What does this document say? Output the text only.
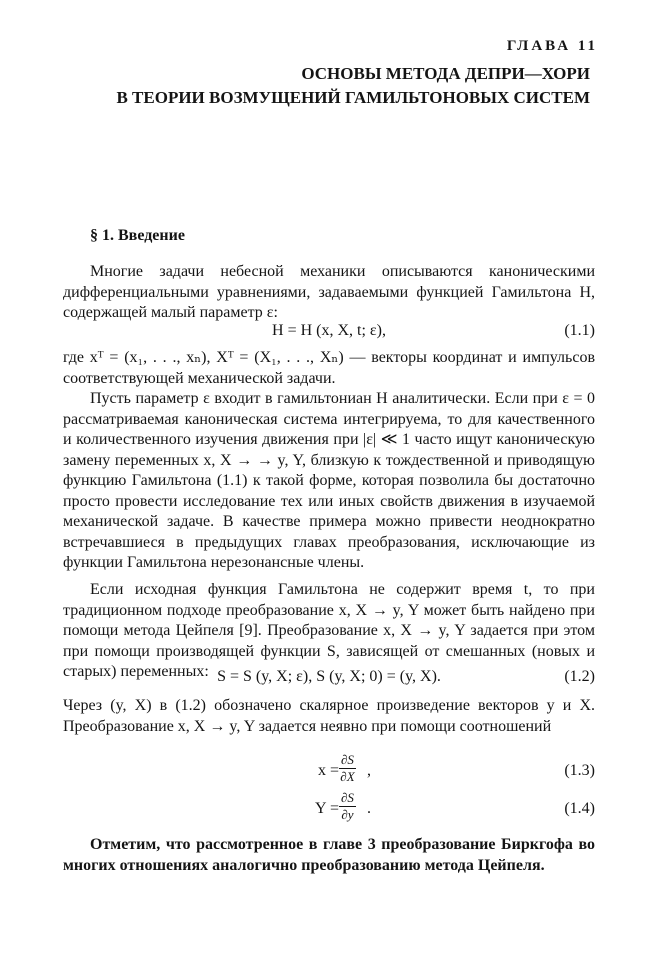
ГЛАВА 11
ОСНОВЫ МЕТОДА ДЕПРИ—ХОРИ
В ТЕОРИИ ВОЗМУЩЕНИЙ ГАМИЛЬТОНОВЫХ СИСТЕМ
§ 1. Введение

Многие задачи небесной механики описываются каноническими дифференциальными уравнениями, задаваемыми функцией Гамильтона H, содержащей малый параметр ε:

H = H (x, X, t; ε),	(1.1)

где xᵀ = (x₁, . . ., xₙ), Xᵀ = (X₁, . . ., Xₙ) — векторы координат и импульсов соответствующей механической задачи.

Пусть параметр ε входит в гамильтониан H аналитически. Если при ε = 0 рассматриваемая каноническая система интегрируема, то для качественного и количественного изучения движения при |ε| ≪ 1 часто ищут каноническую замену переменных x, X → → y, Y, близкую к тождественной и приводящую функцию Гамильтона (1.1) к такой форме, которая позволила бы достаточно просто провести исследование тех или иных свойств движения в изучаемой механической задаче. В качестве примера можно привести неоднократно встречавшиеся в предыдущих главах преобразования, исключающие из функции Гамильтона нерезонансные члены.

Если исходная функция Гамильтона не содержит время t, то при традиционном подходе преобразование x, X → y, Y может быть найдено при помощи метода Цейпеля [9]. Преобразование x, X → y, Y задается при этом при помощи производящей функции S, зависящей от смешанных (новых и старых) переменных: S = S (y, X; ε), S (y, X; 0) = (y, X).	(1.2)

Через (y, X) в (1.2) обозначено скалярное произведение векторов y и X. Преобразование x, X → y, Y задается неявно при помощи соотношений

$x = \frac{\partial S}{\partial X}$ ,	(1.3)
$Y = \frac{\partial S}{\partial y}$ .	(1.4)

Отметим, что рассмотренное в главе 3 преобразование Биркгофа во многих отношениях аналогично преобразованию метода Цейпеля.
